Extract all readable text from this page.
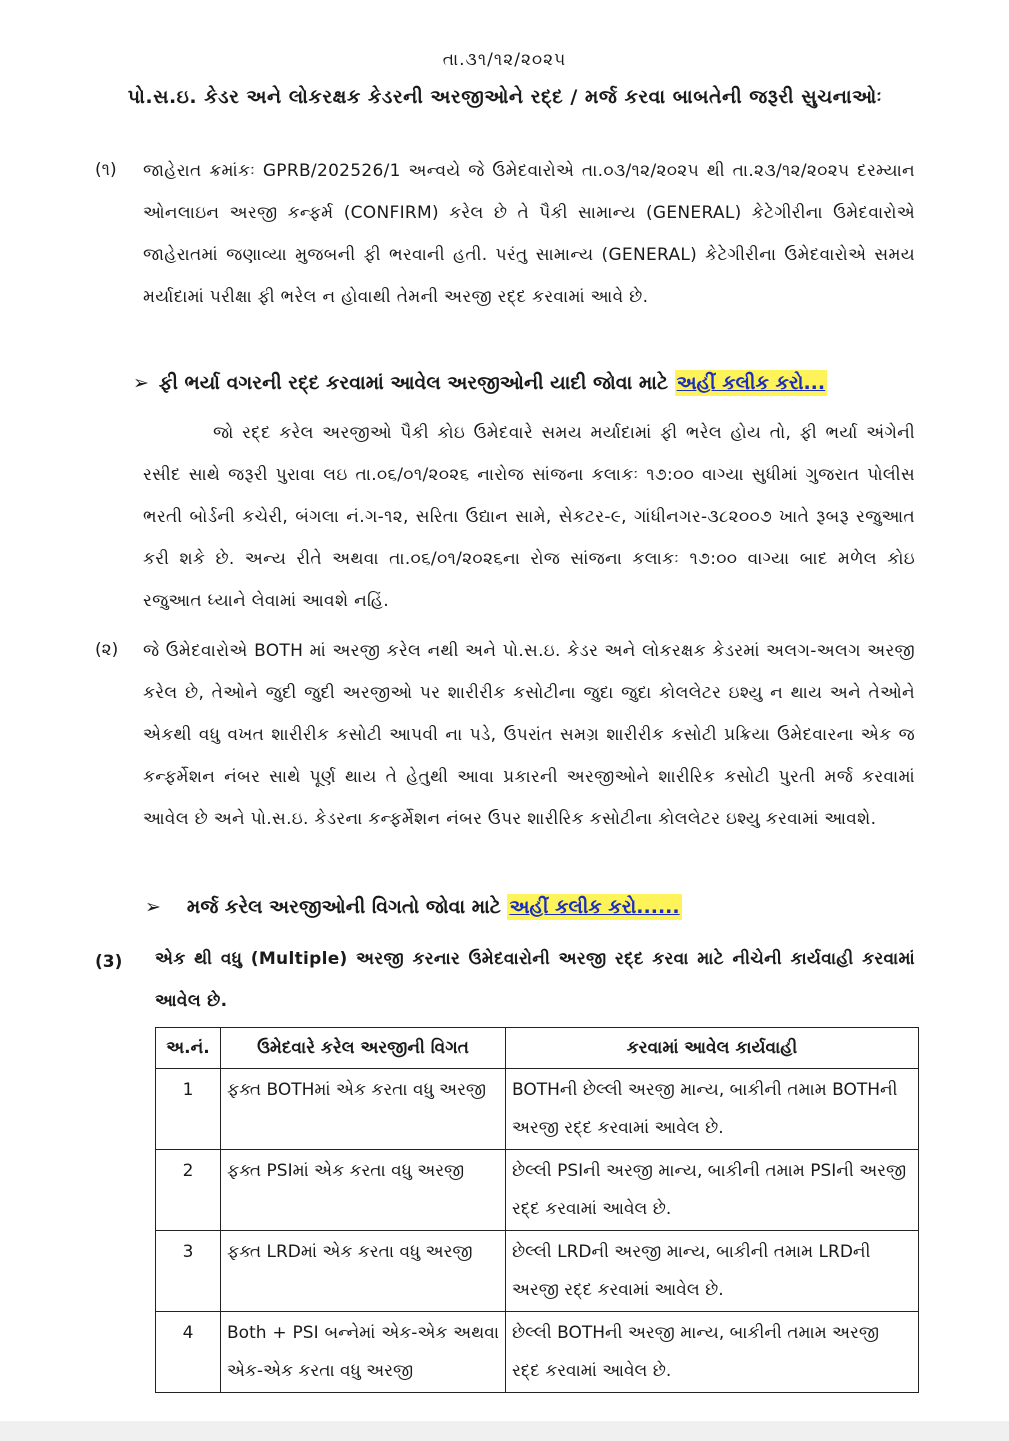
તા.૩૧/૧૨/૨૦૨૫
પો.સ.ઇ. કેડર અને લોકરક્ષક કેડરની અરજીઓને રદ્દ / મર્જ કરવા બાબતેની જરૂરી સુચનાઓઃ
(૧) જાહેરાત ક્રમાંકઃ GPRB/202526/1 અન્વયે જે ઉમેદવારોએ તા.૦૩/૧૨/૨૦૨૫ થી તા.૨૩/૧૨/૨૦૨૫ દરમ્યાન ઓનલાઇન અરજી કન્ફર્મ (CONFIRM) કરેલ છે તે પૈકી સામાન્ય (GENERAL) કેટેગીરીના ઉમેદવારોએ જાહેરાતમાં જણાવ્યા મુજબની ફી ભરવાની હતી. પરંતુ સામાન્ય (GENERAL) કેટેગીરીના ઉમેદવારોએ સમય મર્યાદામાં પરીક્ષા ફી ભરેલ ન હોવાથી તેમની અરજી રદ્દ કરવામાં આવે છે.
➢ ફી ભર્યા વગરની રદ્દ કરવામાં આવેલ અરજીઓની યાદી જોવા માટે અહીં કલીક કરો...
જો રદ્દ કરેલ અરજીઓ પૈકી કોઇ ઉમેદવારે સમય મર્યાદામાં ફી ભરેલ હોય તો, ફી ભર્યા અંગેની રસીદ સાથે જરૂરી પુરાવા લઇ તા.૦૬/૦૧/૨૦૨૬ નારોજ સાંજના કલાકઃ ૧૭:૦૦ વાગ્યા સુધીમાં ગુજરાત પોલીસ ભરતી બોર્ડની કચેરી, બંગલા નં.ગ-૧૨, સરિતા ઉદ્યાન સામે, સેકટર-૯, ગાંધીનગર-૩૮૨૦૦૭ ખાતે રૂબરૂ રજુઆત કરી શકે છે. અન્ય રીતે અથવા તા.૦૬/૦૧/૨૦૨૬ના રોજ સાંજના કલાકઃ ૧૭:૦૦ વાગ્યા બાદ મળેલ કોઇ રજુઆત ધ્યાને લેવામાં આવશે નહિં.
(૨) જે ઉમેદવારોએ BOTH માં અરજી કરેલ નથી અને પો.સ.ઇ. કેડર અને લોકરક્ષક કેડરમાં અલગ-અલગ અરજી કરેલ છે, તેઓને જુદી જુદી અરજીઓ પર શારીરીક કસોટીના જુદા જુદા કોલલેટર ઇશ્યુ ન થાય અને તેઓને એકથી વધુ વખત શારીરીક કસોટી આપવી ના પડે, ઉપરાંત સમગ્ર શારીરીક કસોટી પ્રક્રિયા ઉમેદવારના એક જ કન્ફર્મેશન નંબર સાથે પૂર્ણ થાય તે હેતુથી આવા પ્રકારની અરજીઓને શારીરિક કસોટી પુરતી મર્જ કરવામાં આવેલ છે અને પો.સ.ઇ. કેડરના કન્ફર્મેશન નંબર ઉપર શારીરિક કસોટીના કોલલેટર ઇશ્યુ કરવામાં આવશે.
➢ મર્જ કરેલ અરજીઓની વિગતો જોવા માટે અહીં કલીક કરો......
(3) એક થી વધુ (Multiple) અરજી કરનાર ઉમેદવારોની અરજી રદ્દ કરવા માટે નીચેની કાર્યવાહી કરવામાં આવેલ છે.
અ.નં.	ઉમેદવારે કરેલ અરજીની વિગત	કરવામાં આવેલ કાર્યવાહી
1	ફક્ત BOTHમાં એક કરતા વધુ અરજી	BOTHની છેલ્લી અરજી માન્ય, બાકીની તમામ BOTHની અરજી રદ્દ કરવામાં આવેલ છે.
2	ફક્ત PSIમાં એક કરતા વધુ અરજી	છેલ્લી PSIની અરજી માન્ય, બાકીની તમામ PSIની અરજી રદ્દ કરવામાં આવેલ છે.
3	ફક્ત LRDમાં એક કરતા વધુ અરજી	છેલ્લી LRDની અરજી માન્ય, બાકીની તમામ LRDની અરજી રદ્દ કરવામાં આવેલ છે.
4	Both + PSI બન્નેમાં એક-એક અથવા એક-એક કરતા વધુ અરજી	છેલ્લી BOTHની અરજી માન્ય, બાકીની તમામ અરજી રદ્દ કરવામાં આવેલ છે.
